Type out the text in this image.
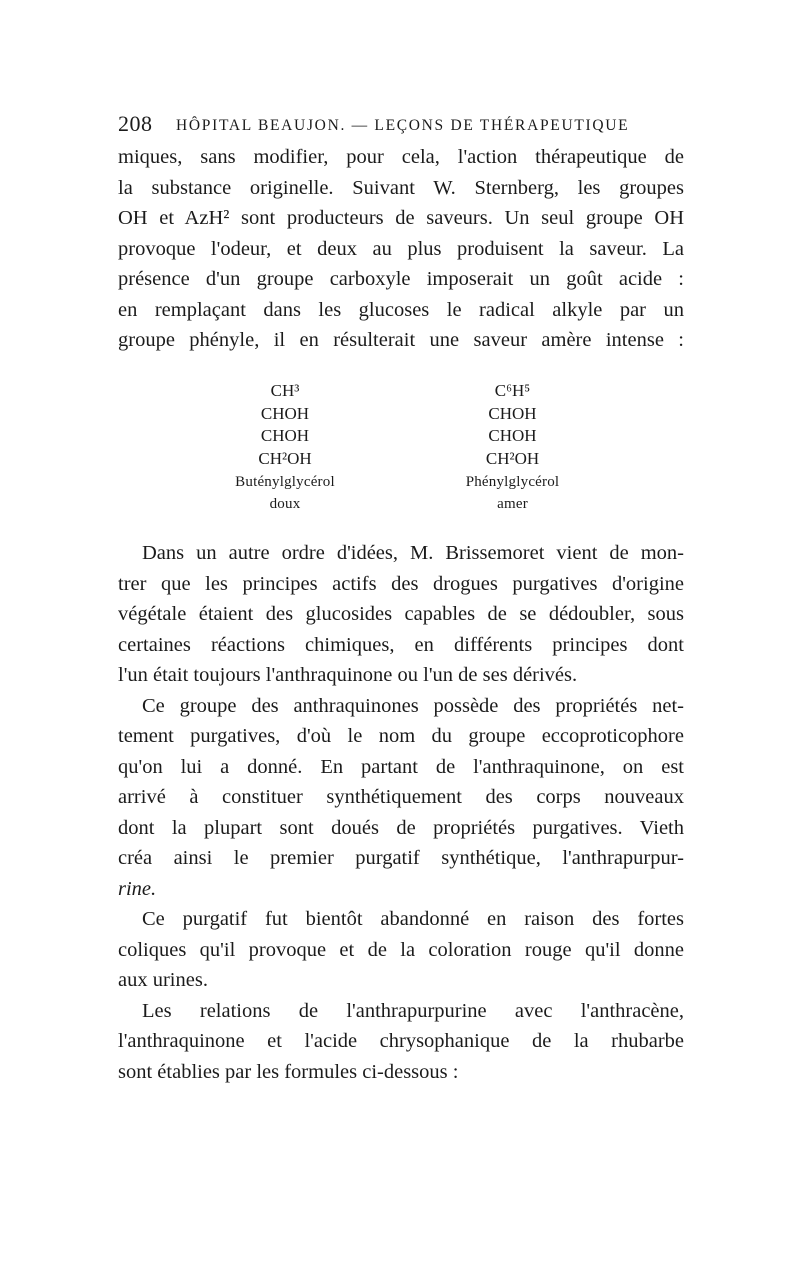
208 HÔPITAL BEAUJON. — LEÇONS DE THÉRAPEUTIQUE
miques, sans modifier, pour cela, l'action thérapeutique de
la substance originelle. Suivant W. Sternberg, les groupes
OH et AzH² sont producteurs de saveurs. Un seul groupe OH
provoque l'odeur, et deux au plus produisent la saveur. La
présence d'un groupe carboxyle imposerait un goût acide :
en remplaçant dans les glucoses le radical alkyle par un
groupe phényle, il en résulterait une saveur amère intense :
CH³
CHOH
CHOH
CH²OH
Buténylglycérol
doux
C⁶H⁵
CHOH
CHOH
CH²OH
Phénylglycérol
amer
Dans un autre ordre d'idées, M. Brissemoret vient de mon-
trer que les principes actifs des drogues purgatives d'origine
végétale étaient des glucosides capables de se dédoubler, sous
certaines réactions chimiques, en différents principes dont
l'un était toujours l'anthraquinone ou l'un de ses dérivés.
Ce groupe des anthraquinones possède des propriétés net-
tement purgatives, d'où le nom du groupe eccoproticophore
qu'on lui a donné. En partant de l'anthraquinone, on est
arrivé à constituer synthétiquement des corps nouveaux
dont la plupart sont doués de propriétés purgatives. Vieth
créa ainsi le premier purgatif synthétique, l'anthrapurpur-
rine.
Ce purgatif fut bientôt abandonné en raison des fortes
coliques qu'il provoque et de la coloration rouge qu'il donne
aux urines.
Les relations de l'anthrapurpurine avec l'anthracène,
l'anthraquinone et l'acide chrysophanique de la rhubarbe
sont établies par les formules ci-dessous :
